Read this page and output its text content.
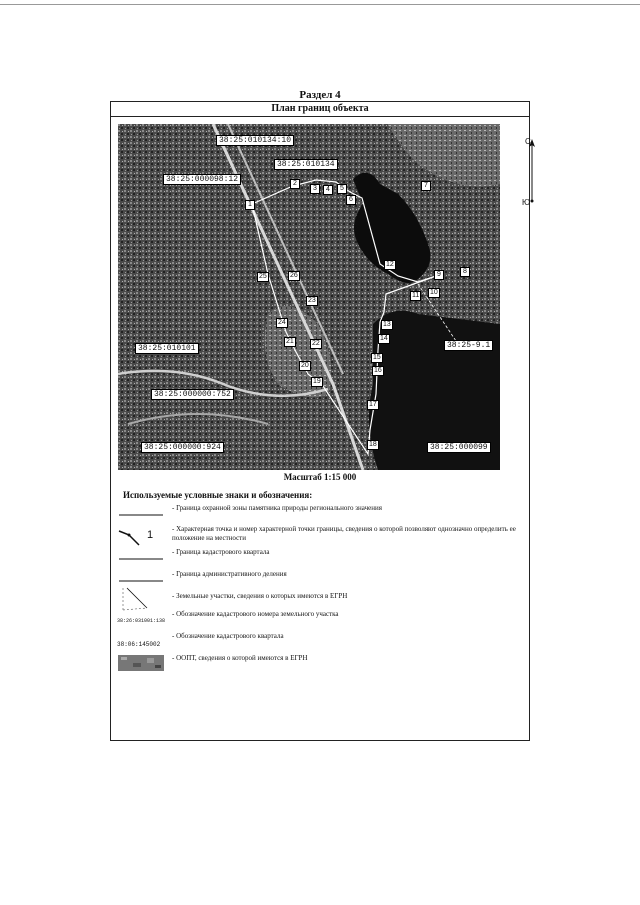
Раздел 4
План границ объекта
38:25:010134:10
38:25:010134
38:25:000098:12
38:25:010101	38:25-9.1
38:25:000000:752
38:25:000000:924	38:25:000099
1
2
3	4	5
6
7
8
9
10
11
12
13
14
15
16
17
18
19
20
21	22
23
24
25	26
С
Ю
Масштаб 1:15 000
Используемые условные знаки и обозначения:
- Граница охранной зоны памятника природы регионального значения
1	- Характерная точка и номер характерной точки границы, сведения о которой позволяют однозначно определить ее положение на местности
- Граница кадастрового квартала
- Граница административного деления
- Земельные участки, сведения о которых имеются в ЕГРН
38:26:031001:138
- Обозначение кадастрового номера земельного участка
38:06:145002
- Обозначение кадастрового квартала
- ООПТ, сведения о которой имеются в ЕГРН
